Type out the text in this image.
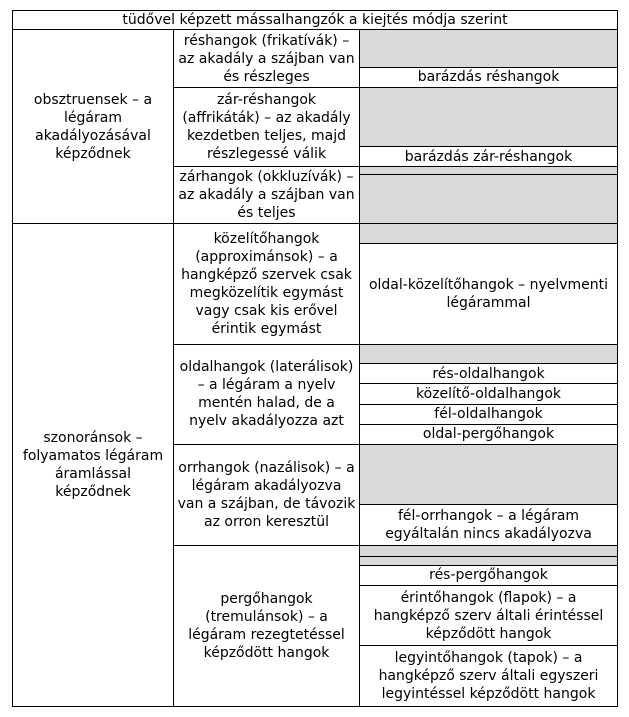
tüdővel képzett mássalhangzók a kiejtés módja szerint		
obsztruensek – a légáram akadályozásával képződnek	réshangok (frikatívák) – az akadály a szájban van és részleges	
		barázdás réshangok
	zár-réshangok (affrikáták) – az akadály kezdetben teljes, majd részlegessé válik	
		barázdás zár-réshangok
	zárhangok (okkluzívák) – az akadály a szájban van és teljes	

szonoránsok – folyamatos légáram áramlással képződnek	közelítőhangok (approximánsok) – a hangképző szervek csak megközelítik egymást vagy csak kis erővel érintik egymást	
		oldal-közelítőhangok – nyelvmenti légárammal
	oldalhangok (laterálisok) – a légáram a nyelv mentén halad, de a nyelv akadályozza azt	
		rés-oldalhangok
		közelítő-oldalhangok
		fél-oldalhangok
		oldal-pergőhangok
	orrhangok (nazálisok) – a légáram akadályozva van a szájban, de távozik az orron keresztül	
		fél-orrhangok – a légáram egyáltalán nincs akadályozva
	pergőhangok (tremulánsok) – a légáram rezegtetéssel képződött hangok	

		rés-pergőhangok
		érintőhangok (flapok) – a hangképző szerv általi érintéssel képződött hangok
		legyintőhangok (tapok) – a hangképző szerv általi egyszeri legyintéssel képződött hangok
